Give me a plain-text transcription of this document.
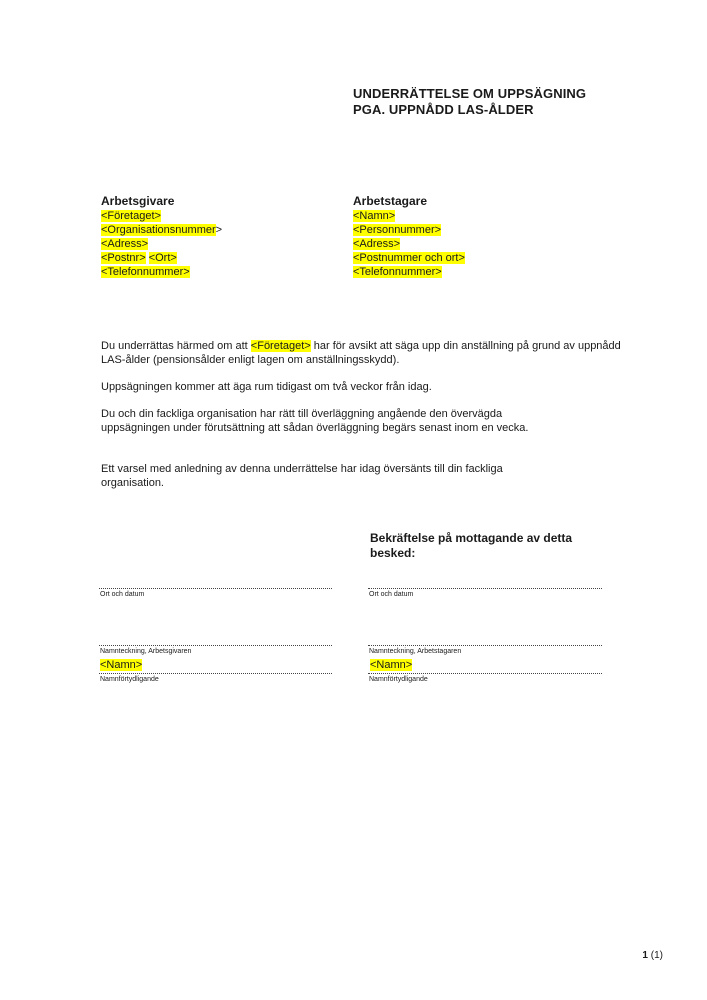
UNDERRÄTTELSE OM UPPSÄGNING
PGA. UPPNÅDD LAS-ÅLDER
Arbetsgivare
<Företaget>
<Organisationsnummer>
<Adress>
<Postnr> <Ort>
<Telefonnummer>
Arbetstagare
<Namn>
<Personnummer>
<Adress>
<Postnummer och ort>
<Telefonnummer>
Du underrättas härmed om att <Företaget> har för avsikt att säga upp din anställning på grund av uppnådd LAS-ålder (pensionsålder enligt lagen om anställningsskydd).
Uppsägningen kommer att äga rum tidigast om två veckor från idag.
Du och din fackliga organisation har rätt till överläggning angående den övervägda uppsägningen under förutsättning att sådan överläggning begärs senast inom en vecka.
Ett varsel med anledning av denna underrättelse har idag översänts till din fackliga organisation.
Bekräftelse på mottagande av detta besked:
Ort och datum
Namnteckning, Arbetsgivaren
<Namn>
Namnförtydligande
Ort och datum
Namnteckning, Arbetstagaren
<Namn>
Namnförtydligande
1 (1)
